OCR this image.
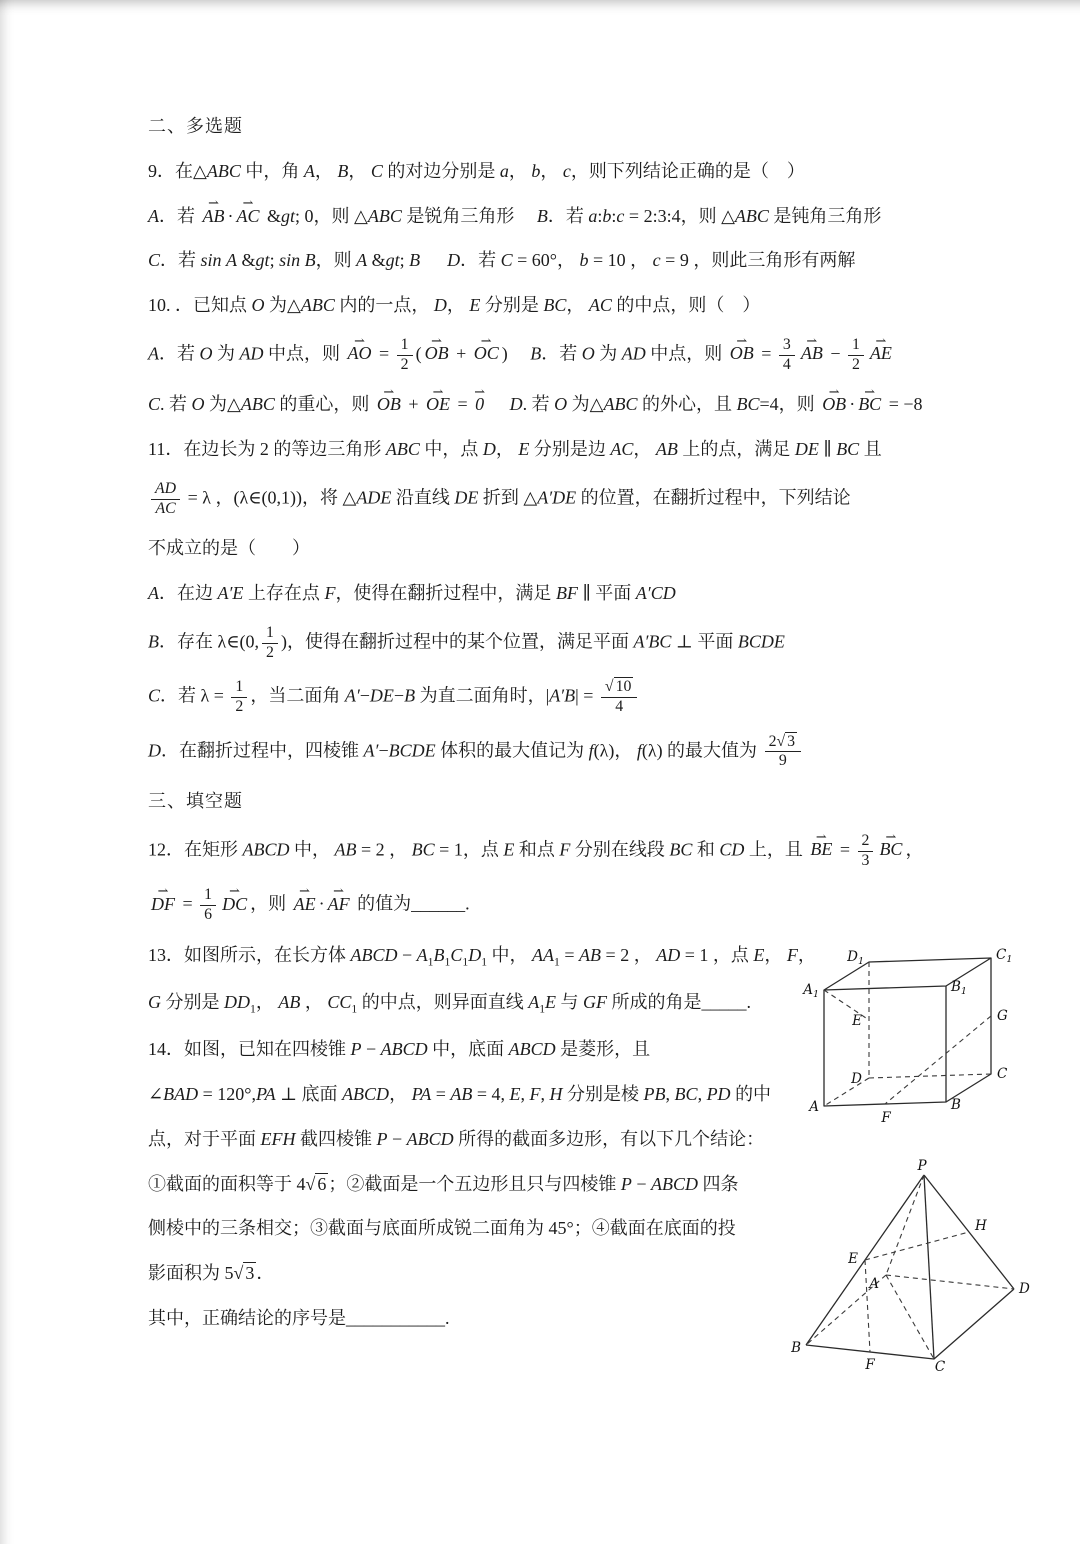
二、多选题
9．在△ABC 中，角 A， B， C 的对边分别是 a， b， c，则下列结论正确的是（    ）
A．若 ⇀ AB · ⇀ AC &gt; 0，则 △ABC 是锐角三角形　 B．若 a:b:c = 2:3:4，则 △ABC 是钝角三角形
C．若 sin A &gt; sin B，则 A &gt; B　 D．若 C = 60°， b = 10 ， c = 9 ，则此三角形有两解
10. ．已知点 O 为△ABC 内的一点， D， E 分别是 BC， AC 的中点，则（    ）
A．若 O 为 AD 中点，则 ⇀ AO = $\frac{1}{2}$ ( ⇀ OB + ⇀ OC )　 B．若 O 为 AD 中点，则 ⇀ OB = $\frac{3}{4}$ ⇀ AB − $\frac{1}{2}$ ⇀ AE
C. 若 O 为△ABC 的重心，则 ⇀ OB + ⇀ OE = ⇀ 0　 D. 若 O 为△ABC 的外心，且 BC=4，则 ⇀ OB · ⇀ BC = −8
11．在边长为 2 的等边三角形 ABC 中，点 D， E 分别是边 AC， AB 上的点，满足 DE ∥ BC 且
$\frac{AD}{AC} = \lambda$ ，(λ∈(0,1))，将 △ADE 沿直线 DE 折到 △A′DE 的位置，在翻折过程中，下列结论
不成立的是（        ）
A．在边 A′E 上存在点 F，使得在翻折过程中，满足 BF ∥ 平面 A′CD
B．存在 λ∈(0, $\frac{1}{2}$ )，使得在翻折过程中的某个位置，满足平面 A′BC ⊥ 平面 BCDE
C．若 $\lambda = \frac{1}{2}$ ，当二面角 A′−DE−B 为直二面角时，$|A'B| = \frac{√ 10}{4}$
D．在翻折过程中，四棱锥 A′−BCDE 体积的最大值记为 f(λ)， f(λ) 的最大值为 $\frac{2√ 3}{9}$
三、填空题
12．在矩形 ABCD 中， AB = 2 ， BC = 1，点 E 和点 F 分别在线段 BC 和 CD 上，且 ⇀ BE = $\frac{2}{3}$ ⇀ BC ，
⇀ DF = $\frac{1}{6}$ ⇀ DC ，则 ⇀ AE · ⇀ AF 的值为______.
13．如图所示，在长方体 ABCD − $A_1B_1C_1D_1$ 中， $AA_1$ = AB = 2 ， AD = 1 ，点 E， F，
G 分别是 $DD_1$， AB ， $CC_1$ 的中点，则异面直线 $A_1E$ 与 GF 所成的角是_____.
14．如图，已知在四棱锥 P − ABCD 中，底面 ABCD 是菱形，且
∠BAD = 120°,PA ⊥ 底面 ABCD， PA = AB = 4, E, F, H 分别是棱 PB, BC, PD 的中
点，对于平面 EFH 截四棱锥 P − ABCD 所得的截面多边形，有以下几个结论：
①截面的面积等于 4√ 6 ；②截面是一个五边形且只与四棱锥 P − ABCD 四条
侧棱中的三条相交；③截面与底面所成锐二面角为 45°；④截面在底面的投
影面积为 5√ 3 ．
其中，正确结论的序号是___________.
$D_1$	$C_1$
$A_1$	$B_1$
E	G
D	C
A	B
F
P
H
E
A	D
B
F	C
